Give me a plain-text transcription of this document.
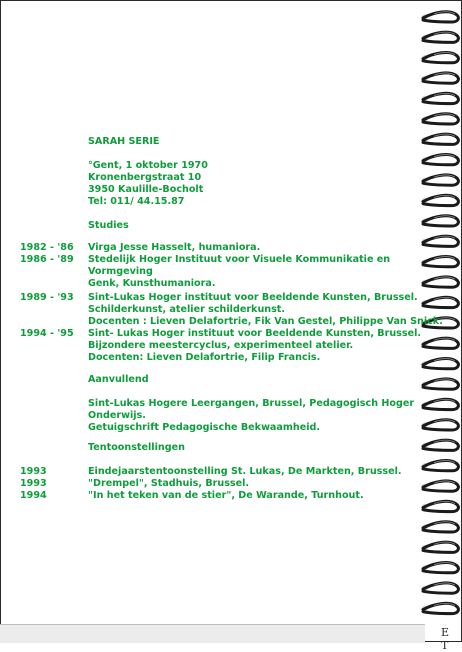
SARAH SERIE
°Gent, 1 oktober 1970
Kronenbergstraat 10
3950 Kaulille-Bocholt
Tel: 011/ 44.15.87
Studies
1982 - '86 Virga Jesse Hasselt, humaniora.
1986 - '89 Stedelijk Hoger Instituut voor Visuele Kommunikatie en
Vormgeving
Genk, Kunsthumaniora.
1989 - '93 Sint-Lukas Hoger instituut voor Beeldende Kunsten, Brussel.
Schilderkunst, atelier schilderkunst.
Docenten : Lieven Delafortrie, Fik Van Gestel, Philippe Van Snick.
1994 - '95 Sint- Lukas Hoger instituut voor Beeldende Kunsten, Brussel.
Bijzondere meestercyclus, experimenteel atelier.
Docenten: Lieven Delafortrie, Filip Francis.
Aanvullend
Sint-Lukas Hogere Leergangen, Brussel, Pedagogisch Hoger
Onderwijs.
Getuigschrift Pedagogische Bekwaamheid.
Tentoonstellingen
1993	Eindejaarstentoonstelling St. Lukas, De Markten, Brussel.
1993	"Drempel", Stadhuis, Brussel.
1994	"In het teken van de stier", De Warande, Turnhout.
E T
